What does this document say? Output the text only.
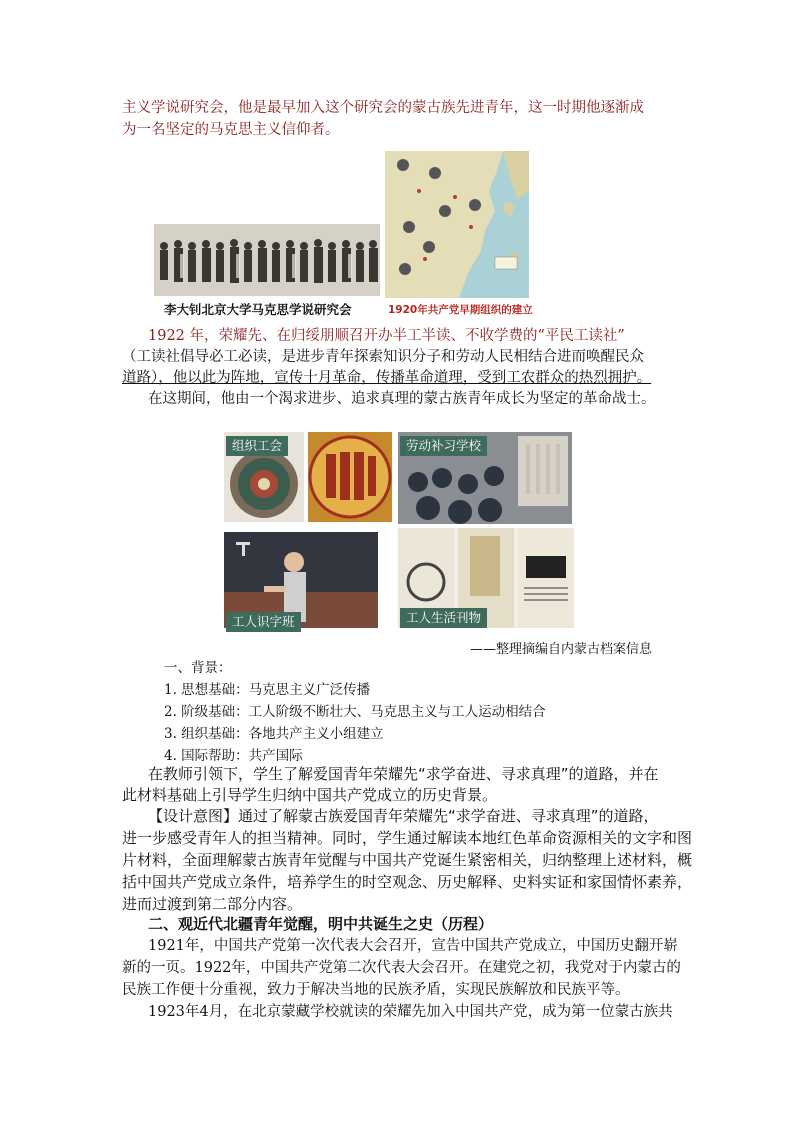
主义学说研究会，他是最早加入这个研究会的蒙古族先进青年，这一时期他逐渐成
为一名坚定的马克思主义信仰者。
李大钊北京大学马克思学说研究会	1920年共产党早期组织的建立
1922 年，荣耀先、在归绥朋顺召开办半工半读、不收学费的“平民工读社”
（工读社倡导必工必读，是进步青年探索知识分子和劳动人民相结合进而唤醒民众
道路），他以此为阵地，宣传十月革命，传播革命道理，受到工农群众的热烈拥护。
在这期间，他由一个渴求进步、追求真理的蒙古族青年成长为坚定的革命战士。
组织工会	劳动补习学校
工人识字班	工人生活刊物
——整理摘编自内蒙古档案信息
一、背景：
1. 思想基础：马克思主义广泛传播
2. 阶级基础：工人阶级不断壮大、马克思主义与工人运动相结合
3. 组织基础：各地共产主义小组建立
4. 国际帮助：共产国际
在教师引领下，学生了解爱国青年荣耀先“求学奋进、寻求真理”的道路，并在
此材料基础上引导学生归纳中国共产党成立的历史背景。
【设计意图】通过了解蒙古族爱国青年荣耀先“求学奋进、寻求真理”的道路，
进一步感受青年人的担当精神。同时，学生通过解读本地红色革命资源相关的文字和图
片材料，全面理解蒙古族青年觉醒与中国共产党诞生紧密相关，归纳整理上述材料，概
括中国共产党成立条件，培养学生的时空观念、历史解释、史料实证和家国情怀素养，
进而过渡到第二部分内容。
二、观近代北疆青年觉醒，明中共诞生之史（历程）
1921年，中国共产党第一次代表大会召开，宣告中国共产党成立，中国历史翻开崭
新的一页。1922年，中国共产党第二次代表大会召开。在建党之初，我党对于内蒙古的
民族工作便十分重视，致力于解决当地的民族矛盾，实现民族解放和民族平等。
1923年4月，在北京蒙藏学校就读的荣耀先加入中国共产党，成为第一位蒙古族共
